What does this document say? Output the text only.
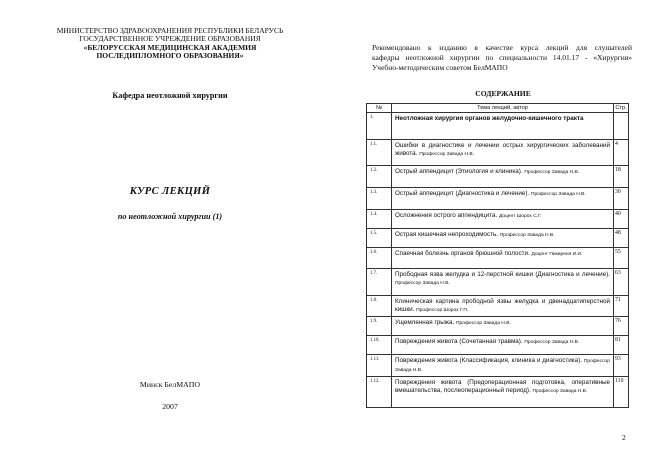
МИНИСТЕРСТВО ЗДРАВООХРАНЕНИЯ РЕСПУБЛИКИ БЕЛАРУСЬ
ГОСУДАРСТВЕННОЕ УЧРЕЖДЕНИЕ ОБРАЗОВАНИЯ
«БЕЛОРУССКАЯ МЕДИЦИНСКАЯ АКАДЕМИЯ
ПОСЛЕДИПЛОМНОГО ОБРАЗОВАНИЯ»
Кафедра неотложной хирургии
КУРС ЛЕКЦИЙ
по неотложной хирургии (1)
Минск БелМАПО
2007
Рекомендовано к изданию в качестве курса лекций для слушателей
кафедры неотложной хирургии по специальности 14.01.17 - «Хирургия»
Учебно-методическим советом БелМАПО
СОДЕРЖАНИЕ
№	Тема лекций, автор	Стр.
1.	Неотложная хирургия органов желудочно-кишечного тракта	
1.1.	Ошибки в диагностике и лечении острых хирургических заболеваний живота. Профессор Завада Н.В.	4
1.2.	Острый аппендицит (Этиология и клиника). Профессор Завада Н.В.	18
1.3.	Острый аппендицит (Диагностика и лечение). Профессор Завада Н.В.	30
1.4.	Осложнения острого аппендицита. Доцент Шорох С.Г.	40
1.5.	Острая кишечная непроходимость. Профессор Завада Н.В.	48
1.6.	Спаечная болезнь органов брюшной полости. Доцент Пикиреня И.И.	55
1.7.	Прободная язва желудка и 12-перстной кишки (Диагностика и лечение). Профессор Завада Н.В.	63
1.8.	Клиническая картина прободной язвы желудка и двенадцатиперстной кишки. Профессор Шорох Г.П.	71
1.9.	Ущемленная грыжа. Профессор Завада Н.В.	76
1.10.	Повреждения живота (Сочетанная травма). Профессор Завада Н.В.	81
1.11.	Повреждения живота (Классификация, клиника и диагностика). Профессор Завада Н.В.	93
1.12.	Повреждения живота (Предоперационная подготовка, оперативные вмешательства, послеоперационный период). Профессор Завада Н.В.	110
2
